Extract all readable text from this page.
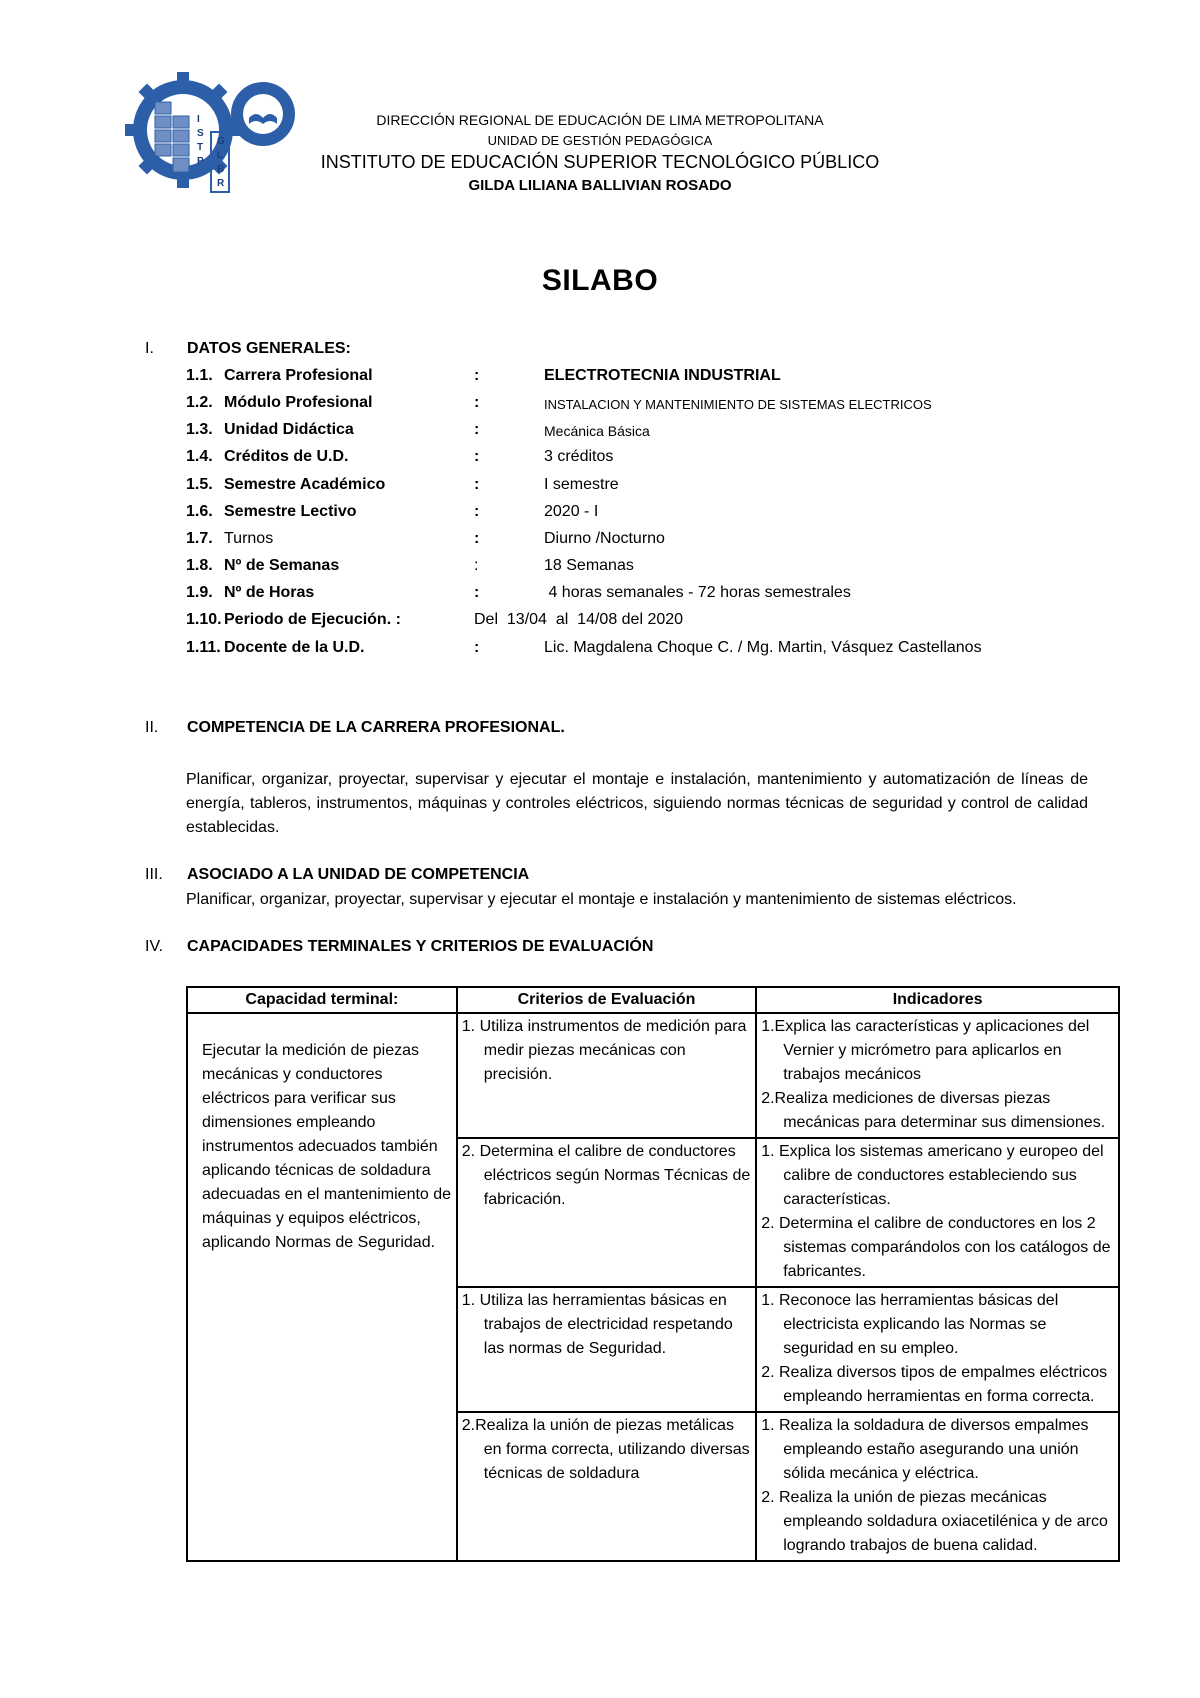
I
S
T
P
G
L
B
R
DIRECCIÓN REGIONAL DE EDUCACIÓN DE LIMA METROPOLITANA
UNIDAD DE GESTIÓN PEDAGÓGICA
INSTITUTO DE EDUCACIÓN SUPERIOR TECNOLÓGICO PÚBLICO
GILDA LILIANA BALLIVIAN ROSADO
SILABO
I. DATOS GENERALES:
1.1. Carrera Profesional	:	ELECTROTECNIA INDUSTRIAL
1.2. Módulo Profesional	:	INSTALACION Y MANTENIMIENTO DE SISTEMAS ELECTRICOS
1.3. Unidad Didáctica	:	Mecánica Básica
1.4. Créditos de U.D.	:	3 créditos
1.5. Semestre Académico	:	I semestre
1.6. Semestre Lectivo	:	2020 - I
1.7. Turnos	:	Diurno /Nocturno
1.8. Nº de Semanas	:	18 Semanas
1.9. Nº de Horas	:	4 horas semanales - 72 horas semestrales
1.10. Periodo de Ejecución. :	Del  13/04  al  14/08 del 2020
1.11. Docente de la U.D.	:	Lic. Magdalena Choque C. / Mg. Martin, Vásquez Castellanos
II. COMPETENCIA DE LA CARRERA PROFESIONAL.
Planificar, organizar, proyectar, supervisar y ejecutar el montaje e instalación, mantenimiento y automatización de líneas de energía, tableros, instrumentos, máquinas y controles eléctricos, siguiendo normas técnicas de seguridad y control de calidad establecidas.
III. ASOCIADO A LA UNIDAD DE COMPETENCIA
Planificar, organizar, proyectar, supervisar y ejecutar el montaje e instalación y mantenimiento de sistemas eléctricos.
IV. CAPACIDADES TERMINALES Y CRITERIOS DE EVALUACIÓN
Capacidad terminal:	Criterios de Evaluación	Indicadores

Ejecutar la medición de piezas mecánicas y conductores eléctricos para verificar sus dimensiones empleando instrumentos adecuados también aplicando técnicas de soldadura adecuadas en el mantenimiento de máquinas y equipos eléctricos, aplicando Normas de Seguridad.	1. Utiliza instrumentos de medición para medir piezas mecánicas con precisión.	1.Explica las características y aplicaciones del Vernier y micrómetro para aplicarlos en trabajos mecánicos
2.Realiza mediciones de diversas piezas mecánicas para determinar sus dimensiones.

	2. Determina el calibre de conductores eléctricos según Normas Técnicas de fabricación.	1. Explica los sistemas americano y europeo del calibre de conductores estableciendo sus características.
2. Determina el calibre de conductores en los 2 sistemas comparándolos con los catálogos de fabricantes.

	1. Utiliza las herramientas básicas en trabajos de electricidad respetando las normas de Seguridad.	1. Reconoce las herramientas básicas del electricista explicando las Normas se seguridad en su empleo.
2. Realiza diversos tipos de empalmes eléctricos empleando herramientas en forma correcta.

	2.Realiza la unión de piezas metálicas en forma correcta, utilizando diversas técnicas de soldadura	1. Realiza la soldadura de diversos empalmes empleando estaño asegurando una unión sólida mecánica y eléctrica.
2. Realiza la unión de piezas mecánicas empleando soldadura oxiacetilénica y de arco logrando trabajos de buena calidad.
